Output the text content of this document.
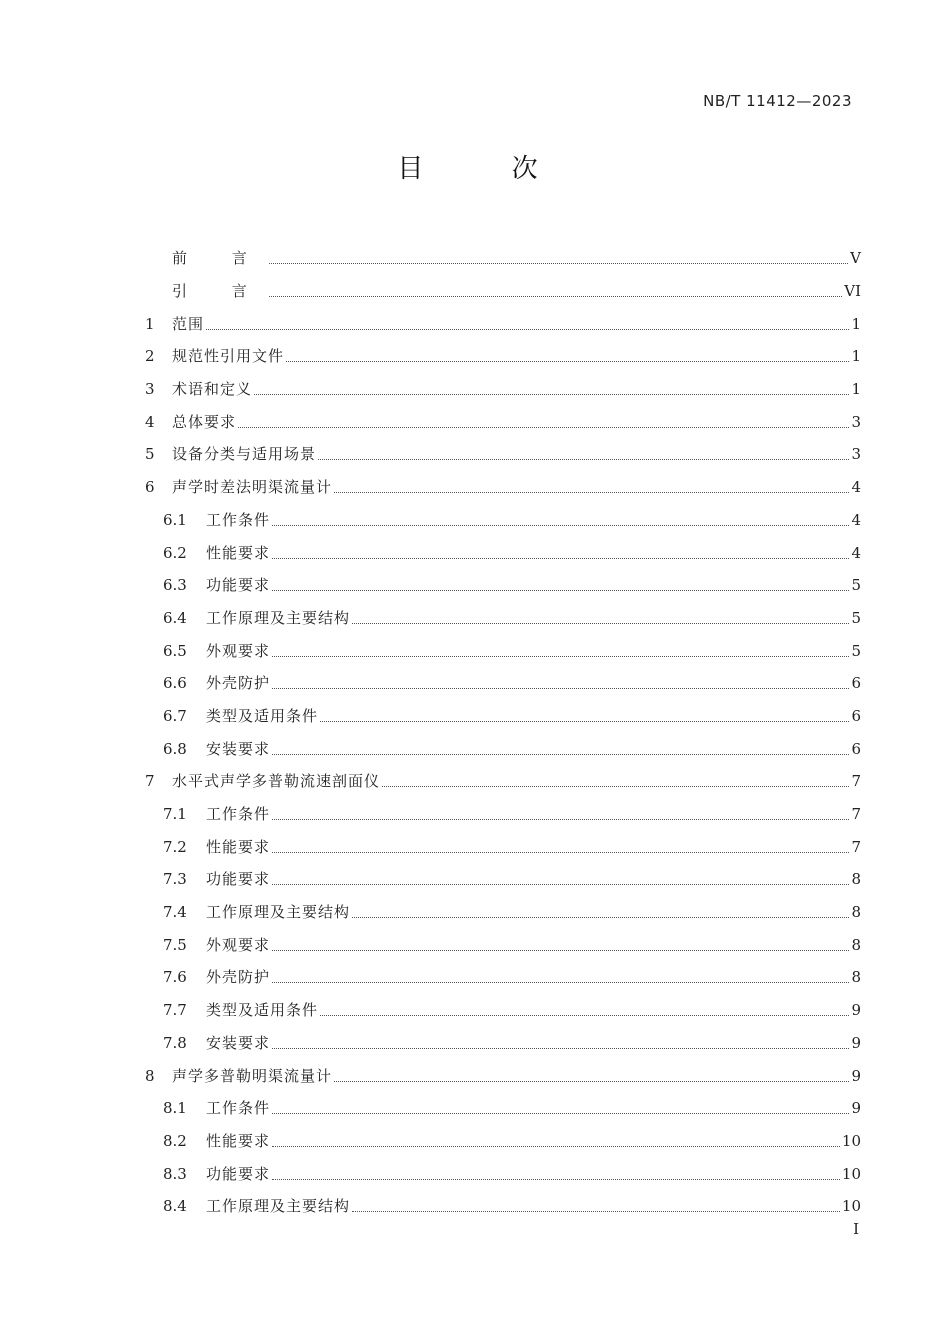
NB/T 11412—2023
目 次
前 言	V
引 言	VI
1	范围	1
2	规范性引用文件	1
3	术语和定义	1
4	总体要求	3
5	设备分类与适用场景	3
6	声学时差法明渠流量计	4
6.1	工作条件	4
6.2	性能要求	4
6.3	功能要求	5
6.4	工作原理及主要结构	5
6.5	外观要求	5
6.6	外壳防护	6
6.7	类型及适用条件	6
6.8	安装要求	6
7	水平式声学多普勒流速剖面仪	7
7.1	工作条件	7
7.2	性能要求	7
7.3	功能要求	8
7.4	工作原理及主要结构	8
7.5	外观要求	8
7.6	外壳防护	8
7.7	类型及适用条件	9
7.8	安装要求	9
8	声学多普勒明渠流量计	9
8.1	工作条件	9
8.2	性能要求	10
8.3	功能要求	10
8.4	工作原理及主要结构	10
I
